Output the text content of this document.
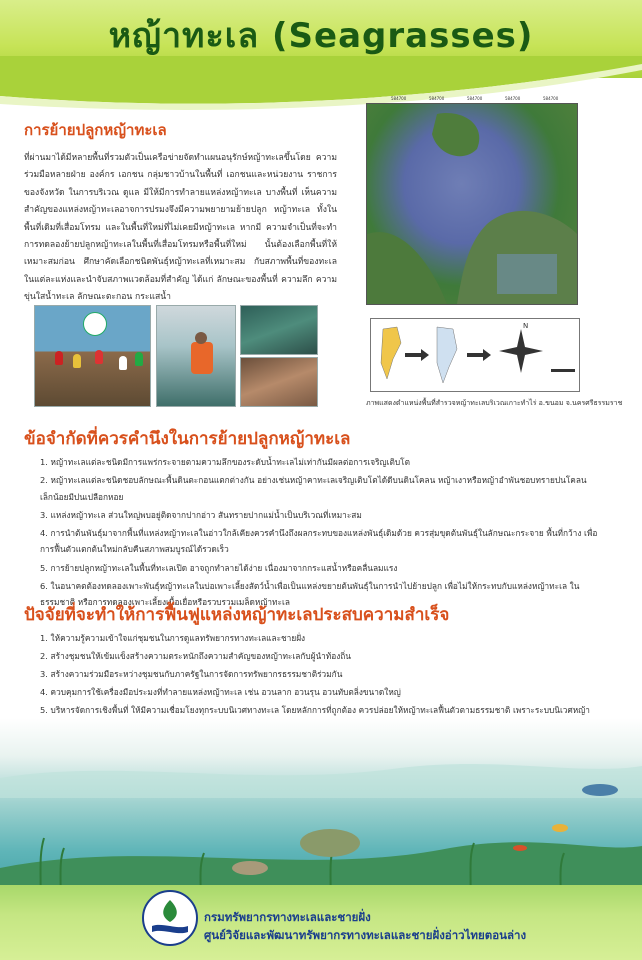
หญ้าทะเล (Seagrasses)
การย้ายปลูกหญ้าทะเล
ที่ผ่านมาได้มีหลายพื้นที่รวมตัวเป็นเครือข่ายจัดทำแผนอนุรักษ์หญ้าทะเลขึ้นโดย ความร่วมมือหลายฝ่าย องค์กร เอกชน กลุ่มชาวบ้านในพื้นที่ เอกชนและหน่วยงาน ราชการของจังหวัด ในการบริเวณ ดูแล มีให้มีการทำลายแหล่งหญ้าทะเล บางพื้นที่ เห็นความสำคัญของแหล่งหญ้าทะเลอาจการปรมงจึงมีความพยายามย้ายปลูก หญ้าทะเล ทั้งในพื้นที่เดิมที่เสื่อมโทรม และในพื้นที่ใหม่ที่ไม่เคยมีหญ้าทะเล หากมี ความจำเป็นที่จะทำ การทดลองย้ายปลูกหญ้าทะเลในพื้นที่เสื่อมโทรมหรือพื้นที่ใหม่ นั้นต้องเลือกพื้นที่ให้เหมาะสมก่อน ศึกษาคัดเลือกชนิดพันธุ์หญ้าทะเลที่เหมาะสม กับสภาพพื้นที่ของทะเล ในแต่ละแห่งและนำจับสภาพแวดล้อมที่สำคัญ ได้แก่ ลักษณะของพื้นที่ ความลึก ความขุ่นใสน้ำทะเล ลักษณะตะกอน กระแสน้ำ
N
ภาพแสดงตำแหน่งพื้นที่สำรวจหญ้าทะเลบริเวณเกาะทำไร่ อ.ขนอม จ.นครศรีธรรมราช
ข้อจำกัดที่ควรคำนึงในการย้ายปลูกหญ้าทะเล
1. หญ้าทะเลแต่ละชนิดมีการแพร่กระจายตามความลึกของระดับน้ำทะเลไม่เท่ากันมีผลต่อการเจริญเติบโต
2. หญ้าทะเลแต่ละชนิดชอบลักษณะพื้นดินตะกอนแตกต่างกัน อย่างเช่นหญ้าคาทะเลเจริญเติบโตได้ดีบนดินโคลน หญ้าเงาหรือหญ้าอำพันชอบทรายปนโคลน เล็กน้อยมีปนเปลือกหอย
3. แหล่งหญ้าทะเล ส่วนใหญ่พบอยู่ติดจากปากอ่าว สันทรายปากแม่น้ำเป็นบริเวณที่เหมาะสม
4. การนำต้นพันธุ์มาจากพื้นที่แหล่งหญ้าทะเลในอ่าวใกล้เคียงควรคำนึงถึงผลกระทบของแหล่งพันธุ์เดิมด้วย ควรสุ่มขุดต้นพันธุ์ในลักษณะกระจาย พื้นที่กว้าง เพื่อการฟื้นตัวแตกต้นใหม่กลับคืนสภาพสมบูรณ์ได้รวดเร็ว
5. การย้ายปลูกหญ้าทะเลในพื้นที่ทะเลเปิด อาจถูกทำลายได้ง่าย เนื่องมาจากกระแสน้ำหรือคลื่นลมแรง
6. ในอนาคตต้องทดลองเพาะพันธุ์หญ้าทะเลในบ่อเพาะเลี้ยงสัตว์น้ำเพื่อเป็นแหล่งขยายต้นพันธุ์ในการนำไปย้ายปลูก เพื่อไม่ให้กระทบกับแหล่งหญ้าทะเล ในธรรมชาติ หรือการทดลองเพาะเลี้ยงเนื้อเยื่อหรือรวบรวมเมล็ดหญ้าทะเล
ปัจจัยที่จะทำให้การฟื้นฟูแหล่งหญ้าทะเลประสบความสำเร็จ
1. ให้ความรู้ความเข้าใจแก่ชุมชนในการดูแลทรัพยากรทางทะเลและชายฝั่ง
2. สร้างชุมชนให้เข้มแข็งสร้างความตระหนักถึงความสำคัญของหญ้าทะเลกับผู้นำท้องถิ่น
3. สร้างความร่วมมือระหว่างชุมชนกับภาครัฐในการจัดการทรัพยากรธรรมชาติร่วมกัน
4. ควบคุมการใช้เครื่องมือประมงที่ทำลายแหล่งหญ้าทะเล เช่น อวนลาก อวนรุน อวนทับตลิ่งขนาดใหญ่
5. บริหารจัดการเชิงพื้นที่ ให้มีความเชื่อมโยงทุกระบบนิเวศทางทะเล โดยหลักการที่ถูกต้อง ควรปล่อยให้หญ้าทะเลฟื้นตัวตามธรรมชาติ เพราะระบบนิเวศหญ้า
กรมทรัพยากรทางทะเลและชายฝั่ง
ศูนย์วิจัยและพัฒนาทรัพยากรทางทะเลและชายฝั่งอ่าวไทยตอนล่าง
584700	584700	584700	584700	584700
